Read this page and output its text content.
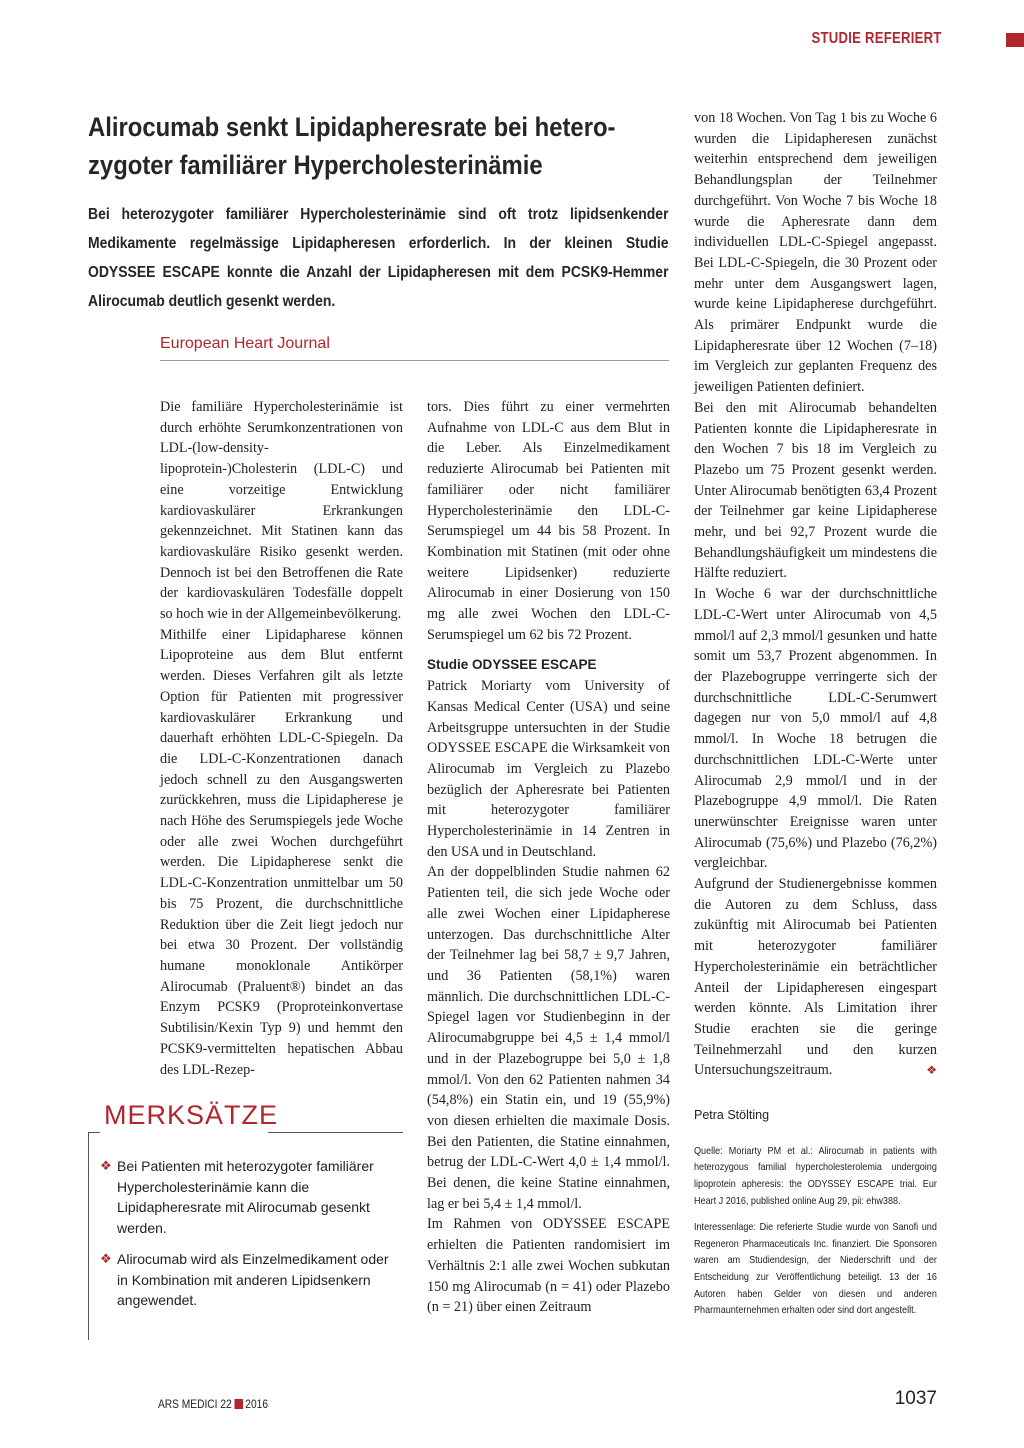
STUDIE REFERIERT
Alirocumab senkt Lipidapheresrate bei hetero-zygoter familiärer Hypercholesterinämie
Bei heterozygoter familiärer Hypercholesterinämie sind oft trotz lipidsenkender Medikamente regelmässige Lipidapheresen erforderlich. In der kleinen Studie ODYSSEE ESCAPE konnte die Anzahl der Lipidapheresen mit dem PCSK9-Hemmer Alirocumab deutlich gesenkt werden.
European Heart Journal

Die familiäre Hypercholesterinämie ist durch erhöhte Serumkonzentrationen von LDL-(low-density-lipoprotein-)Cholesterin (LDL-C) und eine vorzeitige Entwicklung kardiovaskulärer Erkrankungen gekennzeichnet. Mit Statinen kann das kardiovaskuläre Risiko gesenkt werden. Dennoch ist bei den Betroffenen die Rate der kardiovaskulären Todesfälle doppelt so hoch wie in der Allgemeinbevölkerung.

Mithilfe einer Lipidapharese können Lipoproteine aus dem Blut entfernt werden. Dieses Verfahren gilt als letzte Option für Patienten mit progressiver kardiovaskulärer Erkrankung und dauerhaft erhöhten LDL-C-Spiegeln. Da die LDL-C-Konzentrationen danach jedoch schnell zu den Ausgangswerten zurückkehren, muss die Lipidapherese je nach Höhe des Serumspiegels jede Woche oder alle zwei Wochen durchgeführt werden. Die Lipidapherese senkt die LDL-C-Konzentration unmittelbar um 50 bis 75 Prozent, die durchschnittliche Reduktion über die Zeit liegt jedoch nur bei etwa 30 Prozent. Der vollständig humane monoklonale Antikörper Alirocumab (Praluent®) bindet an das Enzym PCSK9 (Proproteinkonvertase Subtilisin/Kexin Typ 9) und hemmt den PCSK9-vermittelten hepatischen Abbau des LDL-Rezep-

tors. Dies führt zu einer vermehrten Aufnahme von LDL-C aus dem Blut in die Leber. Als Einzelmedikament reduzierte Alirocumab bei Patienten mit familiärer oder nicht familiärer Hypercholesterinämie den LDL-C-Serumspiegel um 44 bis 58 Prozent. In Kombination mit Statinen (mit oder ohne weitere Lipidsenker) reduzierte Alirocumab in einer Dosierung von 150 mg alle zwei Wochen den LDL-C-Serumspiegel um 62 bis 72 Prozent.

Studie ODYSSEE ESCAPE

Patrick Moriarty vom University of Kansas Medical Center (USA) und seine Arbeitsgruppe untersuchten in der Studie ODYSSEE ESCAPE die Wirksamkeit von Alirocumab im Vergleich zu Plazebo bezüglich der Apheresrate bei Patienten mit heterozygoter familiärer Hypercholesterinämie in 14 Zentren in den USA und in Deutschland.

An der doppelblinden Studie nahmen 62 Patienten teil, die sich jede Woche oder alle zwei Wochen einer Lipidapherese unterzogen. Das durchschnittliche Alter der Teilnehmer lag bei 58,7 ± 9,7 Jahren, und 36 Patienten (58,1%) waren männlich. Die durchschnittlichen LDL-C-Spiegel lagen vor Studienbeginn in der Alirocumabgruppe bei 4,5 ± 1,4 mmol/l und in der Plazebogruppe bei 5,0 ± 1,8 mmol/l. Von den 62 Patienten nahmen 34 (54,8%) ein Statin ein, und 19 (55,9%) von diesen erhielten die maximale Dosis. Bei den Patienten, die Statine einnahmen, betrug der LDL-C-Wert 4,0 ± 1,4 mmol/l. Bei denen, die keine Statine einnahmen, lag er bei 5,4 ± 1,4 mmol/l.

Im Rahmen von ODYSSEE ESCAPE erhielten die Patienten randomisiert im Verhältnis 2:1 alle zwei Wochen subkutan 150 mg Alirocumab (n = 41) oder Plazebo (n = 21) über einen Zeitraum

von 18 Wochen. Von Tag 1 bis zu Woche 6 wurden die Lipidapheresen zunächst weiterhin entsprechend dem jeweiligen Behandlungsplan der Teilnehmer durchgeführt. Von Woche 7 bis Woche 18 wurde die Apheresrate dann dem individuellen LDL-C-Spiegel angepasst. Bei LDL-C-Spiegeln, die 30 Prozent oder mehr unter dem Ausgangswert lagen, wurde keine Lipidapherese durchgeführt. Als primärer Endpunkt wurde die Lipidapheresrate über 12 Wochen (7–18) im Vergleich zur geplanten Frequenz des jeweiligen Patienten definiert.

Bei den mit Alirocumab behandelten Patienten konnte die Lipidapheresrate in den Wochen 7 bis 18 im Vergleich zu Plazebo um 75 Prozent gesenkt werden. Unter Alirocumab benötigten 63,4 Prozent der Teilnehmer gar keine Lipidapherese mehr, und bei 92,7 Prozent wurde die Behandlungshäufigkeit um mindestens die Hälfte reduziert.

In Woche 6 war der durchschnittliche LDL-C-Wert unter Alirocumab von 4,5 mmol/l auf 2,3 mmol/l gesunken und hatte somit um 53,7 Prozent abgenommen. In der Plazebogruppe verringerte sich der durchschnittliche LDL-C-Serumwert dagegen nur von 5,0 mmol/l auf 4,8 mmol/l. In Woche 18 betrugen die durchschnittlichen LDL-C-Werte unter Alirocumab 2,9 mmol/l und in der Plazebogruppe 4,9 mmol/l. Die Raten unerwünschter Ereignisse waren unter Alirocumab (75,6%) und Plazebo (76,2%) vergleichbar.

Aufgrund der Studienergebnisse kommen die Autoren zu dem Schluss, dass zukünftig mit Alirocumab bei Patienten mit heterozygoter familiärer Hypercholesterinämie ein beträchtlicher Anteil der Lipidapheresen eingespart werden könnte. Als Limitation ihrer Studie erachten sie die geringe Teilnehmerzahl und den kurzen Untersuchungszeitraum.	❖

Petra Stölting

Quelle: Moriarty PM et al.: Alirocumab in patients with heterozygous familial hypercholesterolemia undergoing lipoprotein apheresis: the ODYSSEY ESCAPE trial. Eur Heart J 2016, published online Aug 29, pii: ehw388.

Interessenlage: Die referierte Studie wurde von Sanofi und Regeneron Pharmaceuticals Inc. finanziert. Die Sponsoren waren am Studiendesign, der Niederschrift und der Entscheidung zur Veröffentlichung beteiligt. 13 der 16 Autoren haben Gelder von diesen und anderen Pharmaunternehmen erhalten oder sind dort angestellt.

MERKSÄTZE
❖ Bei Patienten mit heterozygoter familiärer Hypercholesterinämie kann die Lipidapheresrate mit Alirocumab gesenkt werden.
❖ Alirocumab wird als Einzelmedikament oder in Kombination mit anderen Lipidsenkern angewendet.
ARS MEDICI 22 2016	1037
